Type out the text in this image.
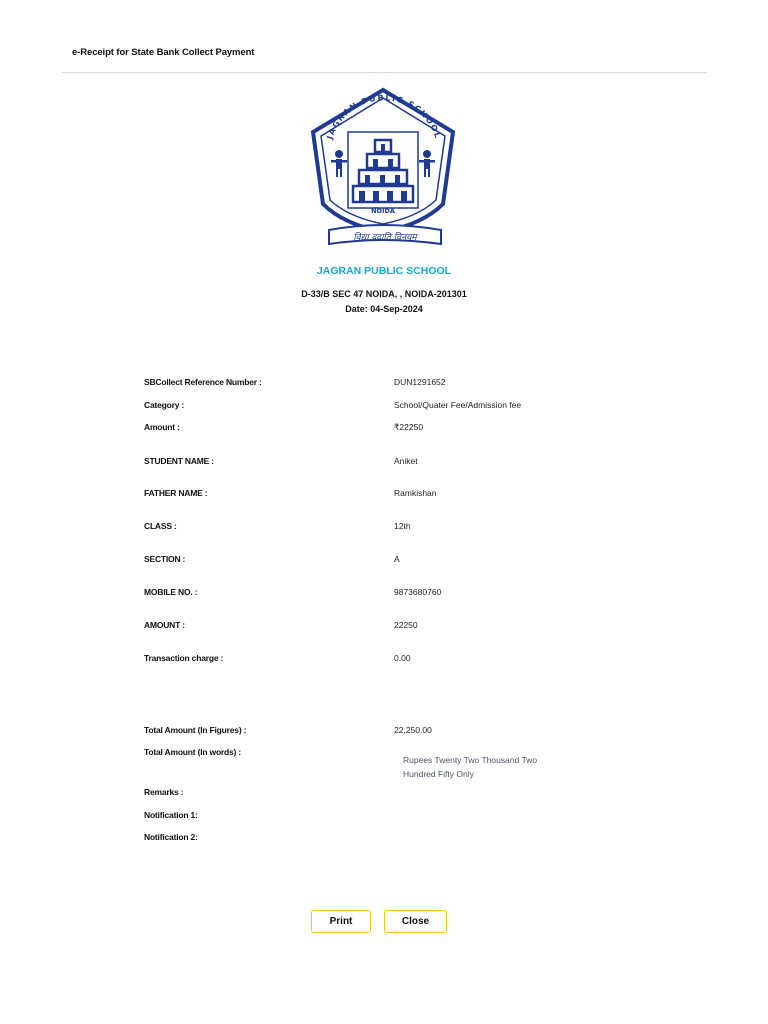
e-Receipt for State Bank Collect Payment
JAGRAN PUBLIC SCHOOL
NOIDA
विद्या ददाति विनयम्
JAGRAN PUBLIC SCHOOL
D-33/B SEC 47 NOIDA, , NOIDA-201301
Date: 04-Sep-2024
SBCollect Reference Number :	DUN1291652
Category :	School/Quater Fee/Admission fee
Amount :	₹22250
STUDENT NAME :	Aniket
FATHER NAME :	Ramkishan
CLASS :	12th
SECTION :	A
MOBILE NO. :	9873680760
AMOUNT :	22250
Transaction charge :	0.00
Total Amount (In Figures) :	22,250.00
Total Amount (In words) :
Rupees Twenty Two Thousand Two Hundred Fifty Only
Remarks :
Notification 1:
Notification 2:
Print	Close
